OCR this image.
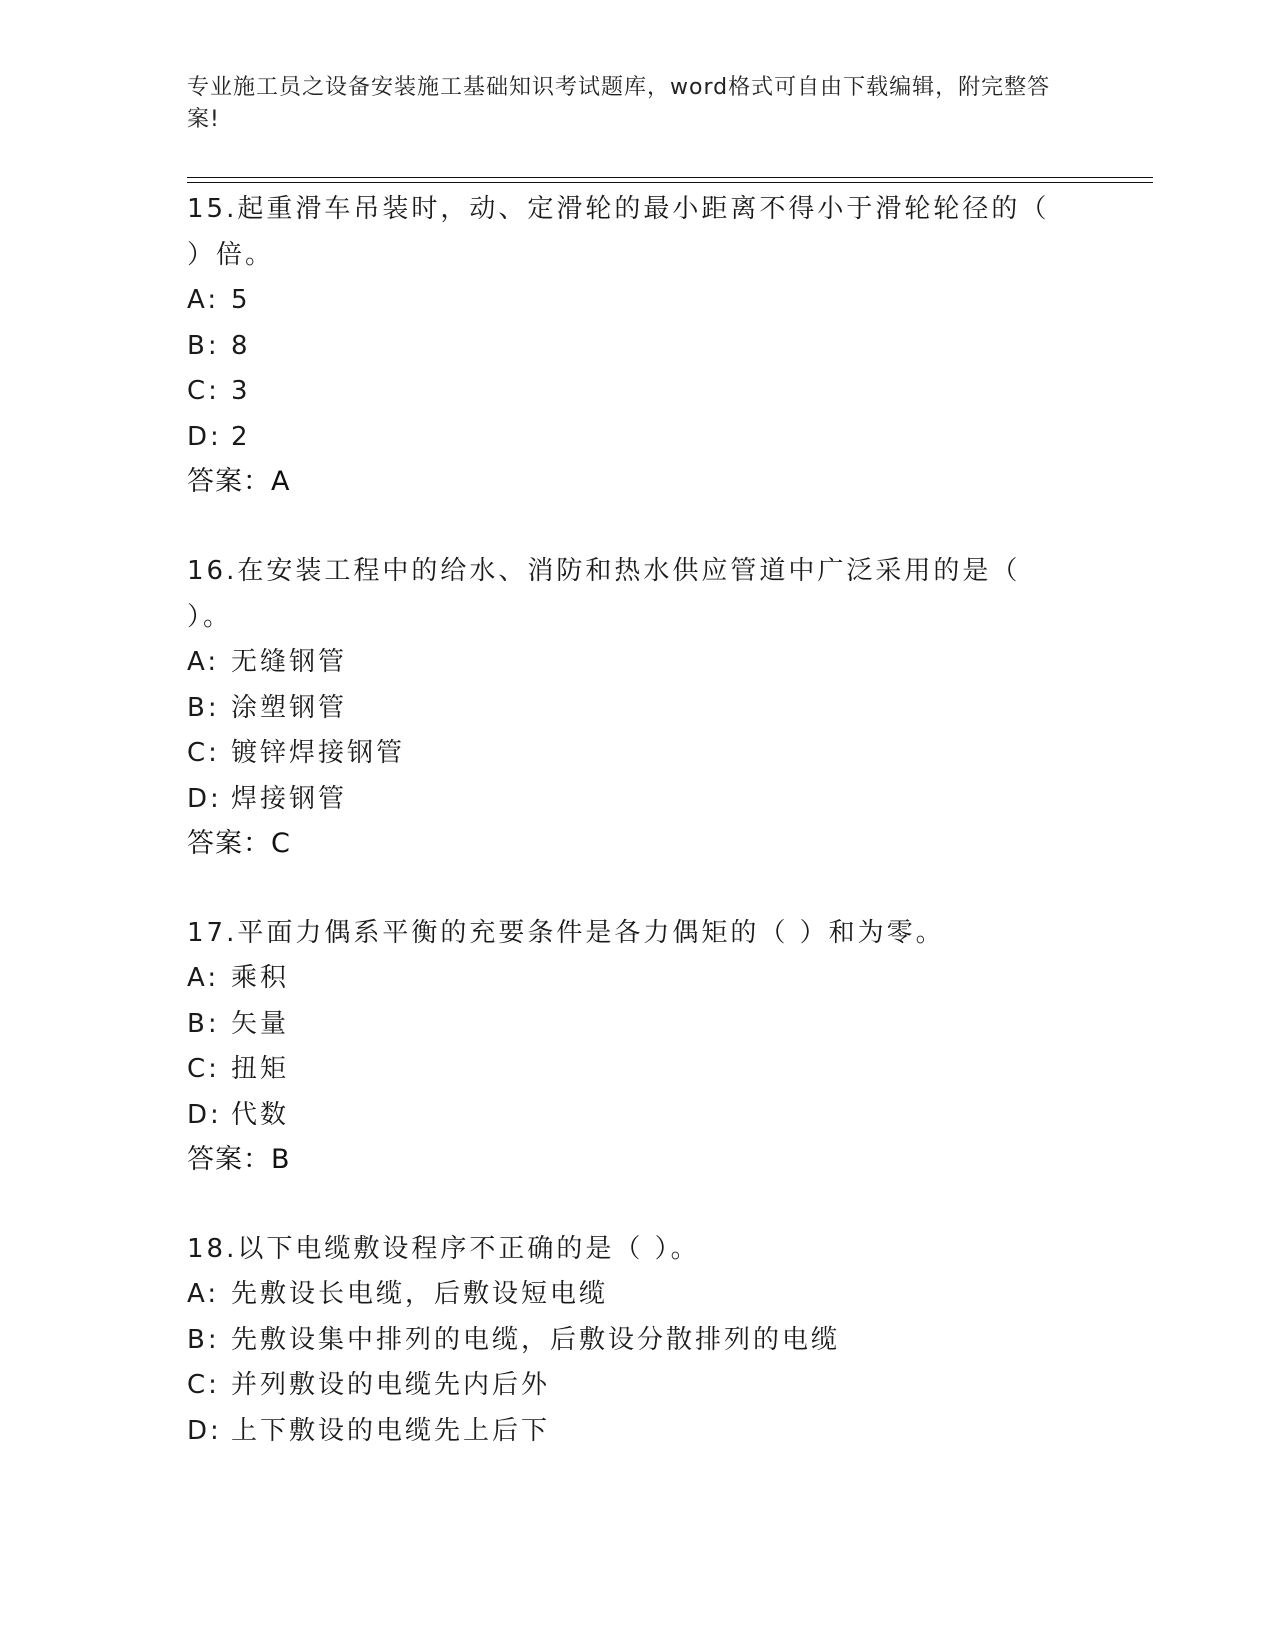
专业施工员之设备安装施工基础知识考试题库，word格式可自由下载编辑，附完整答案!
15.起重滑车吊装时，动、定滑轮的最小距离不得小于滑轮轮径的（ ）倍。
A: 5
B: 8
C: 3
D: 2
答案：A
16.在安装工程中的给水、消防和热水供应管道中广泛采用的是（ ）。
A: 无缝钢管
B: 涂塑钢管
C: 镀锌焊接钢管
D: 焊接钢管
答案：C
17.平面力偶系平衡的充要条件是各力偶矩的（ ）和为零。
A: 乘积
B: 矢量
C: 扭矩
D: 代数
答案：B
18.以下电缆敷设程序不正确的是（ ）。
A: 先敷设长电缆，后敷设短电缆
B: 先敷设集中排列的电缆，后敷设分散排列的电缆
C: 并列敷设的电缆先内后外
D: 上下敷设的电缆先上后下
